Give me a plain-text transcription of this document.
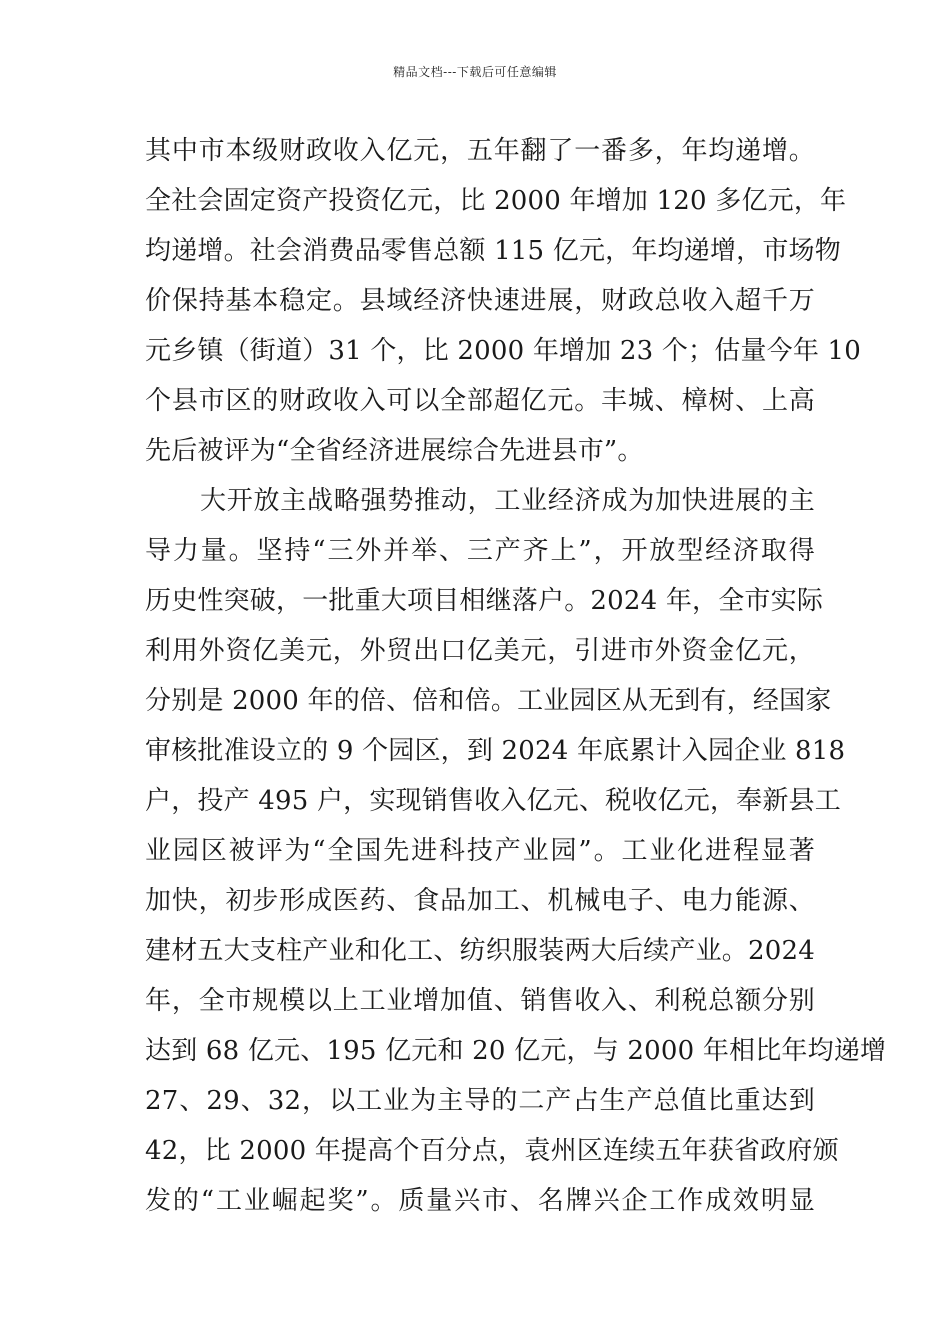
精品文档---下载后可任意编辑
其中市本级财政收入亿元，五年翻了一番多，年均递增。
全社会固定资产投资亿元，比 2000 年增加 120 多亿元，年
均递增。社会消费品零售总额 115 亿元，年均递增，市场物
价保持基本稳定。县域经济快速进展，财政总收入超千万
元乡镇（街道）31 个，比 2000 年增加 23 个；估量今年 10
个县市区的财政收入可以全部超亿元。丰城、樟树、上高
先后被评为“全省经济进展综合先进县市”。
大开放主战略强势推动，工业经济成为加快进展的主
导力量。坚持“三外并举、三产齐上”，开放型经济取得
历史性突破，一批重大项目相继落户。2024 年，全市实际
利用外资亿美元，外贸出口亿美元，引进市外资金亿元，
分别是 2000 年的倍、倍和倍。工业园区从无到有，经国家
审核批准设立的 9 个园区，到 2024 年底累计入园企业 818
户，投产 495 户，实现销售收入亿元、税收亿元，奉新县工
业园区被评为“全国先进科技产业园”。工业化进程显著
加快，初步形成医药、食品加工、机械电子、电力能源、
建材五大支柱产业和化工、纺织服装两大后续产业。2024
年，全市规模以上工业增加值、销售收入、利税总额分别
达到 68 亿元、195 亿元和 20 亿元，与 2000 年相比年均递增
27、29、32，以工业为主导的二产占生产总值比重达到
42，比 2000 年提高个百分点，袁州区连续五年获省政府颁
发的“工业崛起奖”。质量兴市、名牌兴企工作成效明显
